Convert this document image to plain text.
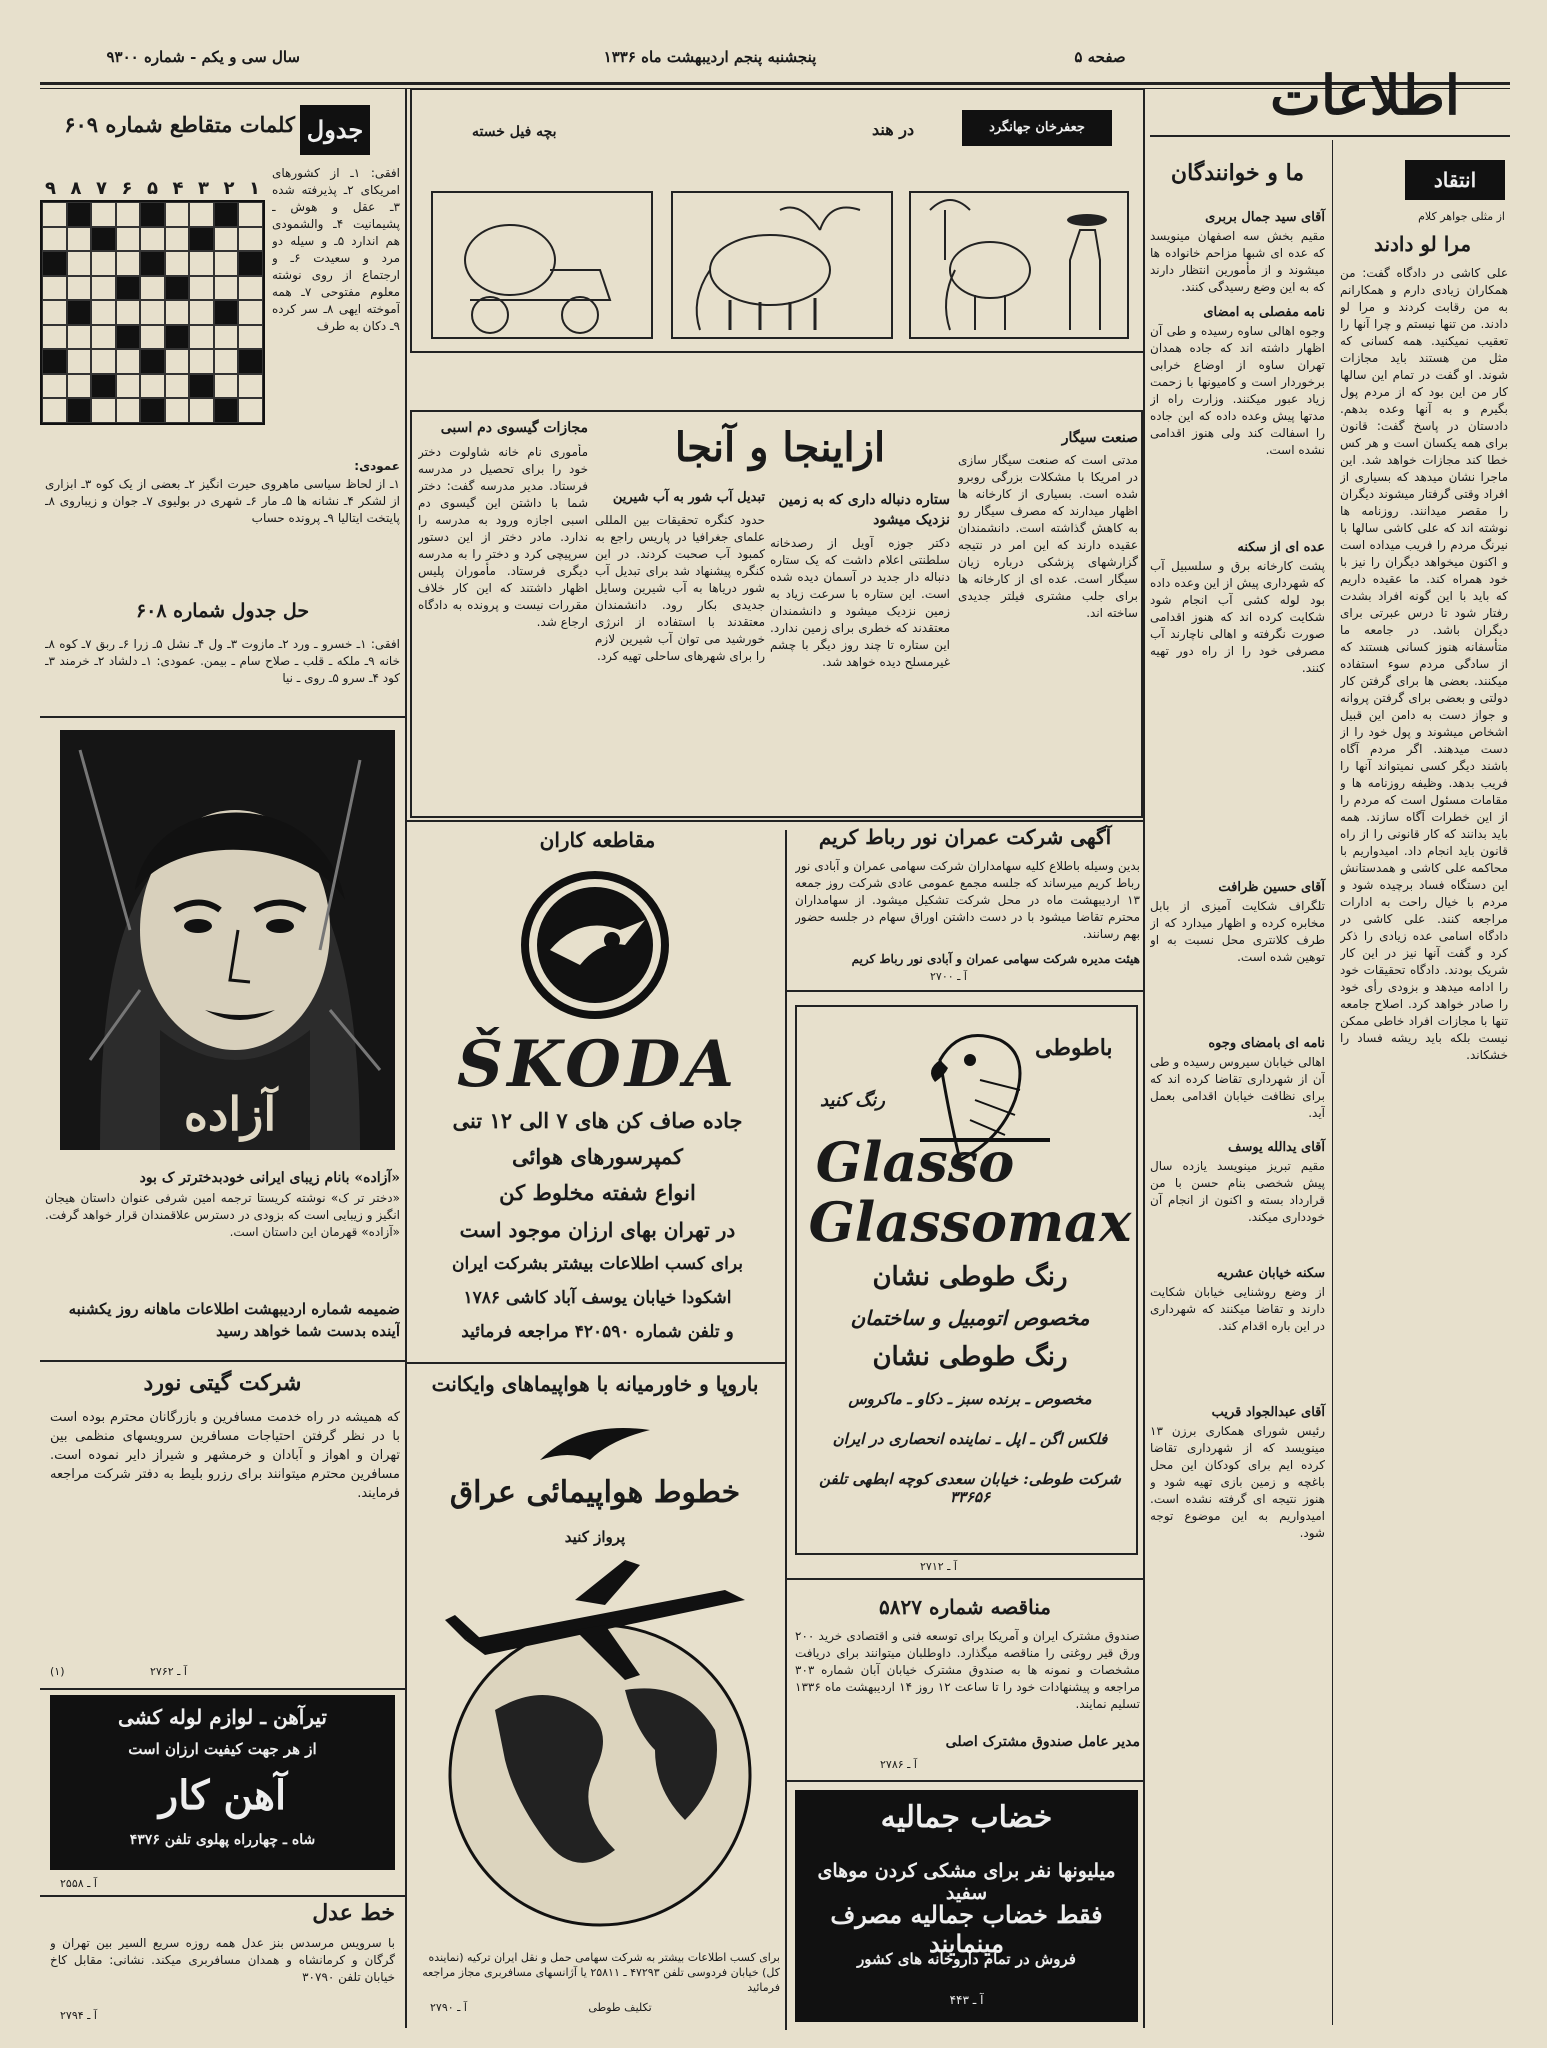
سال سی و یکم - شماره ۹۳۰۰	پنجشنبه پنجم اردیبهشت ماه ۱۳۳۶	صفحه ۵
اطلاعات
جدول
کلمات متقاطع شماره ۶۰۹
۱
۲
۳
۴
۵
۶
۷
۸
۹
افقی: ۱ـ از کشورهای امریکای ۲ـ پذیرفته شده ۳ـ عقل و هوش ـ پشیمانیت ۴ـ والشمودی هم اندارد ۵ـ و سیله دو مرد و سعیدت ۶ـ و ارجتماع از روی نوشته معلوم مفتوحی ۷ـ همه آموخته ایهی ۸ـ سر کرده ۹ـ دکان به طرف
عمودی:
۱ـ از لحاظ سیاسی ماهروی حیرت انگیز ۲ـ بعضی از یک کوه ۳ـ ابزاری از لشکر ۴ـ نشانه ها ۵ـ مار ۶ـ شهری در بولیوی ۷ـ جوان و زیباروی ۸ـ پایتخت ایتالیا ۹ـ پرونده حساب
حل جدول شماره ۶۰۸
افقی: ۱ـ خسرو ـ ورد ۲ـ مازوت ۳ـ ول ۴ـ نشل ۵ـ زرا ۶ـ ربق ۷ـ کوه ۸ـ خانه ۹ـ ملکه ـ قلب ـ صلاح سام ـ بیمن. عمودی: ۱ـ دلشاد ۲ـ خرمند ۳ـ کود ۴ـ سرو ۵ـ روی ـ نیا
آزاده
«آزاده» بانام زیبای ایرانی خودبدخترتر ک بود
«دختر تر ک» نوشته کریستا ترجمه امین شرفی عنوان داستان هیجان انگیز و زیبایی است که بزودی در دسترس علاقمندان قرار خواهد گرفت. «آزاده» قهرمان این داستان است.
ضمیمه شماره اردیبهشت اطلاعات ماهانه روز یکشنبه آینده بدست شما خواهد رسید
بچه فیل خسته	در هند	جعفرخان جهانگرد
ازاینجا و آنجا
مجازات گیسوی دم اسبی
مأموری نام خانه شاولوت دختر خود را برای تحصیل در مدرسه فرستاد. مدیر مدرسه گفت: دختر شما با داشتن این گیسوی دم اسبی اجازه ورود به مدرسه را ندارد. مادر دختر از این دستور سرپیچی کرد و دختر را به مدرسه دیگری فرستاد. مأموران پلیس اظهار داشتند که این کار خلاف مقررات نیست و پرونده به دادگاه ارجاع شد.
تبدیل آب شور به آب شیرین
حدود کنگره تحقیقات بین المللی علمای جغرافیا در پاریس راجع به کمبود آب صحبت کردند. در این کنگره پیشنهاد شد برای تبدیل آب شور دریاها به آب شیرین وسایل جدیدی بکار رود. دانشمندان معتقدند با استفاده از انرژی خورشید می توان آب شیرین لازم را برای شهرهای ساحلی تهیه کرد.
ستاره دنباله داری که به زمین نزدیک میشود
دکتر جوزه آویل از رصدخانه سلطنتی اعلام داشت که یک ستاره دنباله دار جدید در آسمان دیده شده است. این ستاره با سرعت زیاد به زمین نزدیک میشود و دانشمندان معتقدند که خطری برای زمین ندارد. این ستاره تا چند روز دیگر با چشم غیرمسلح دیده خواهد شد.
صنعت سیگار
مدتی است که صنعت سیگار سازی در امریکا با مشکلات بزرگی روبرو شده است. بسیاری از کارخانه ها اظهار میدارند که مصرف سیگار رو به کاهش گذاشته است. دانشمندان عقیده دارند که این امر در نتیجه گزارشهای پزشکی درباره زیان سیگار است. عده ای از کارخانه ها برای جلب مشتری فیلتر جدیدی ساخته اند.
ما و خوانندگان
آقای سید جمال بربری
مقیم بخش سه اصفهان مینویسد که عده ای شبها مزاحم خانواده ها میشوند و از مأمورین انتظار دارند که به این وضع رسیدگی کنند.
نامه مفصلی به امضای
وجوه اهالی ساوه رسیده و طی آن اظهار داشته اند که جاده همدان تهران ساوه از اوضاع خرابی برخوردار است و کامیونها با زحمت زیاد عبور میکنند. وزارت راه از مدتها پیش وعده داده که این جاده را اسفالت کند ولی هنوز اقدامی نشده است.
عده ای از سکنه
پشت کارخانه برق و سلسبیل آب که شهرداری پیش از این وعده داده بود لوله کشی آب انجام شود شکایت کرده اند که هنوز اقدامی صورت نگرفته و اهالی ناچارند آب مصرفی خود را از راه دور تهیه کنند.
آقای حسین ظرافت
تلگراف شکایت آمیزی از بابل مخابره کرده و اظهار میدارد که از طرف کلانتری محل نسبت به او توهین شده است.
نامه ای بامضای وجوه
اهالی خیابان سیروس رسیده و طی آن از شهرداری تقاضا کرده اند که برای نظافت خیابان اقدامی بعمل آید.
آقای یدالله یوسف
مقیم تبریز مینویسد یازده سال پیش شخصی بنام حسن با من قرارداد بسته و اکنون از انجام آن خودداری میکند.
سکنه خیابان عشریه
از وضع روشنایی خیابان شکایت دارند و تقاضا میکنند که شهرداری در این باره اقدام کند.
آقای عبدالجواد قریب
رئیس شورای همکاری برزن ۱۳ مینویسد که از شهرداری تقاضا کرده ایم برای کودکان این محل باغچه و زمین بازی تهیه شود و هنوز نتیجه ای گرفته نشده است. امیدواریم به این موضوع توجه شود.
انتقاد
از مثلی جواهر کلام
مرا لو دادند
علی کاشی در دادگاه گفت: من همکاران زیادی دارم و همکارانم به من رقابت کردند و مرا لو دادند. من تنها نیستم و چرا آنها را تعقیب نمیکنید. همه کسانی که مثل من هستند باید مجازات شوند. او گفت در تمام این سالها کار من این بود که از مردم پول بگیرم و به آنها وعده بدهم. دادستان در پاسخ گفت: قانون برای همه یکسان است و هر کس خطا کند مجازات خواهد شد. این ماجرا نشان میدهد که بسیاری از افراد وقتی گرفتار میشوند دیگران را مقصر میدانند. روزنامه ها نوشته اند که علی کاشی سالها با نیرنگ مردم را فریب میداده است و اکنون میخواهد دیگران را نیز با خود همراه کند. ما عقیده داریم که باید با این گونه افراد بشدت رفتار شود تا درس عبرتی برای دیگران باشد. در جامعه ما متأسفانه هنوز کسانی هستند که از سادگی مردم سوء استفاده میکنند. بعضی ها برای گرفتن کار دولتی و بعضی برای گرفتن پروانه و جواز دست به دامن این قبیل اشخاص میشوند و پول خود را از دست میدهند. اگر مردم آگاه باشند دیگر کسی نمیتواند آنها را فریب بدهد. وظیفه روزنامه ها و مقامات مسئول است که مردم را از این خطرات آگاه سازند. همه باید بدانند که کار قانونی را از راه قانون باید انجام داد. امیدواریم با محاکمه علی کاشی و همدستانش این دستگاه فساد برچیده شود و مردم با خیال راحت به ادارات مراجعه کنند. علی کاشی در دادگاه اسامی عده زیادی را ذکر کرد و گفت آنها نیز در این کار شریک بودند. دادگاه تحقیقات خود را ادامه میدهد و بزودی رأی خود را صادر خواهد کرد. اصلاح جامعه تنها با مجازات افراد خاطی ممکن نیست بلکه باید ریشه فساد را خشکاند.
مقاطعه کاران
ŠKODA
جاده صاف کن های ۷ الی ۱۲ تنی
کمپرسورهای هوائی
انواع شفته مخلوط کن
در تهران بهای ارزان موجود است
برای کسب اطلاعات بیشتر بشرکت ایران
اشکودا خیابان یوسف آباد کاشی ۱۷۸۶
و تلفن شماره ۴۲۰۵۹۰ مراجعه فرمائید
آگهی شرکت عمران نور رباط کریم
بدین وسیله باطلاع کلیه سهامداران شرکت سهامی عمران و آبادی نور رباط کریم میرساند که جلسه مجمع عمومی عادی شرکت روز جمعه ۱۳ اردیبهشت ماه در محل شرکت تشکیل میشود. از سهامداران محترم تقاضا میشود با در دست داشتن اوراق سهام در جلسه حضور بهم رسانند.
هیئت مدیره شرکت سهامی عمران و آبادی نور رباط کریم
آ ـ ۲۷۰۰
باطوطی
رنگ کنید
Glasso
Glassomax
رنگ طوطی نشان
مخصوص اتومبیل و ساختمان
رنگ طوطی نشان
مخصوص ـ برنده سبز ـ دکاو ـ ماکروس
فلکس اگن ـ اپل ـ نماینده انحصاری در ایران
شرکت طوطی: خیابان سعدی کوچه ابطهی تلفن ۳۳۶۵۶
آ ـ ۲۷۱۲
مناقصه شماره ۵۸۲۷
صندوق مشترک ایران و آمریکا برای توسعه فنی و اقتصادی خرید ۲۰۰ ورق قیر روغنی را مناقصه میگذارد. داوطلبان میتوانند برای دریافت مشخصات و نمونه ها به صندوق مشترک خیابان آبان شماره ۳۰۳ مراجعه و پیشنهادات خود را تا ساعت ۱۲ روز ۱۴ اردیبهشت ماه ۱۳۳۶ تسلیم نمایند.
مدیر عامل صندوق مشترک اصلی
آ ـ ۲۷۸۶
خضاب جمالیه
میلیونها نفر برای مشکی کردن موهای سفید
فقط خضاب جمالیه مصرف مینمایند
فروش در تمام داروخانه های کشور
آ ـ ۴۴۳
باروپا و خاورمیانه با هواپیماهای وایکانت
خطوط هواپیمائی عراق
پرواز کنید
برای کسب اطلاعات بیشتر به شرکت سهامی حمل و نقل ایران ترکیه (نماینده کل) خیابان فردوسی تلفن ۴۷۲۹۳ ـ ۲۵۸۱۱ یا آژانسهای مسافربری مجاز مراجعه فرمائید
آ ـ ۲۷۹۰	تکلیف طوطی
شرکت گیتی نورد
که همیشه در راه خدمت مسافرین و بازرگانان محترم بوده است با در نظر گرفتن احتیاجات مسافرین سرویسهای منظمی بین تهران و اهواز و آبادان و خرمشهر و شیراز دایر نموده است. مسافرین محترم میتوانند برای رزرو بلیط به دفتر شرکت مراجعه فرمایند.
آ ـ ۲۷۶۲
(۱)
تیرآهن ـ لوازم لوله کشی
از هر جهت کیفیت ارزان است
آهن کار
شاه ـ چهارراه پهلوی تلفن ۴۳۷۶
آ ـ ۲۵۵۸
خط عدل
با سرویس مرسدس بنز عدل همه روزه سریع السیر بین تهران و گرگان و کرمانشاه و همدان مسافربری میکند. نشانی: مقابل کاخ خیابان تلفن ۳۰۷۹۰
آ ـ ۲۷۹۴
